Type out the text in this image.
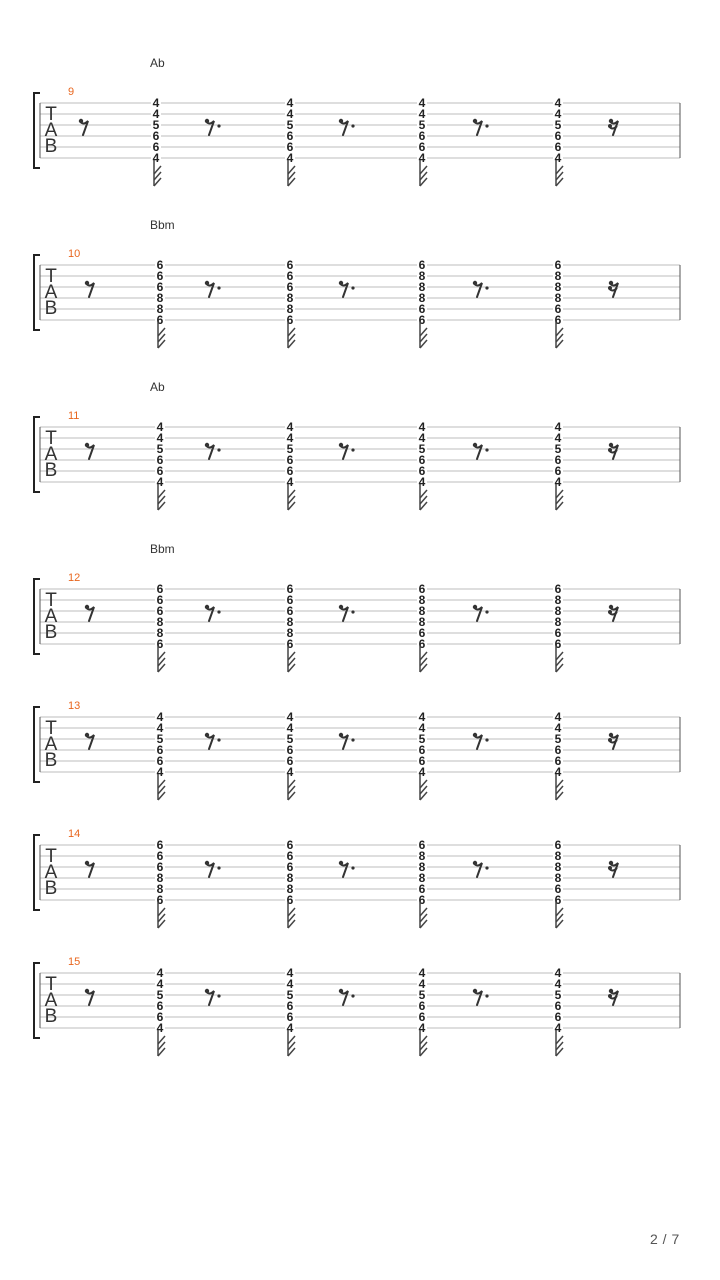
T
A
B
9
Ab
4
4
5
6
6
4
4
4
5
6
6
4
4
4
5
6
6
4
4
4
5
6
6
4
T
A
B
10
Bbm
6
6
6
8
8
6
6
6
6
8
8
6
6
8
8
8
6
6
6
8
8
8
6
6
T
A
B
11
Ab
4
4
5
6
6
4
4
4
5
6
6
4
4
4
5
6
6
4
4
4
5
6
6
4
T
A
B
12
Bbm
6
6
6
8
8
6
6
6
6
8
8
6
6
8
8
8
6
6
6
8
8
8
6
6
T
A
B
13
4
4
5
6
6
4
4
4
5
6
6
4
4
4
5
6
6
4
4
4
5
6
6
4
T
A
B
14
6
6
6
8
8
6
6
6
6
8
8
6
6
8
8
8
6
6
6
8
8
8
6
6
T
A
B
15
4
4
5
6
6
4
4
4
5
6
6
4
4
4
5
6
6
4
4
4
5
6
6
4
2 / 7
